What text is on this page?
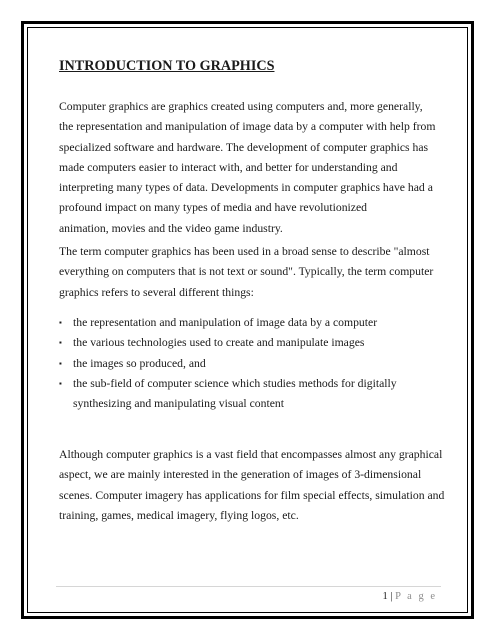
INTRODUCTION TO GRAPHICS

Computer graphics are graphics created using computers and, more generally,
the representation and manipulation of image data by a computer with help from
specialized software and hardware. The development of computer graphics has
made computers easier to interact with, and better for understanding and
interpreting many types of data. Developments in computer graphics have had a
profound impact on many types of media and have revolutionized
animation, movies and the video game industry.

The term computer graphics has been used in a broad sense to describe "almost
everything on computers that is not text or sound". Typically, the term computer
graphics refers to several different things:

▪ the representation and manipulation of image data by a computer
▪ the various technologies used to create and manipulate images
▪ the images so produced, and
▪ the sub-field of computer science which studies methods for digitally
synthesizing and manipulating visual content

Although computer graphics is a vast field that encompasses almost any graphical
aspect, we are mainly interested in the generation of images of 3-dimensional
scenes. Computer imagery has applications for film special effects, simulation and
training, games, medical imagery, flying logos, etc.

1 | P a g e
